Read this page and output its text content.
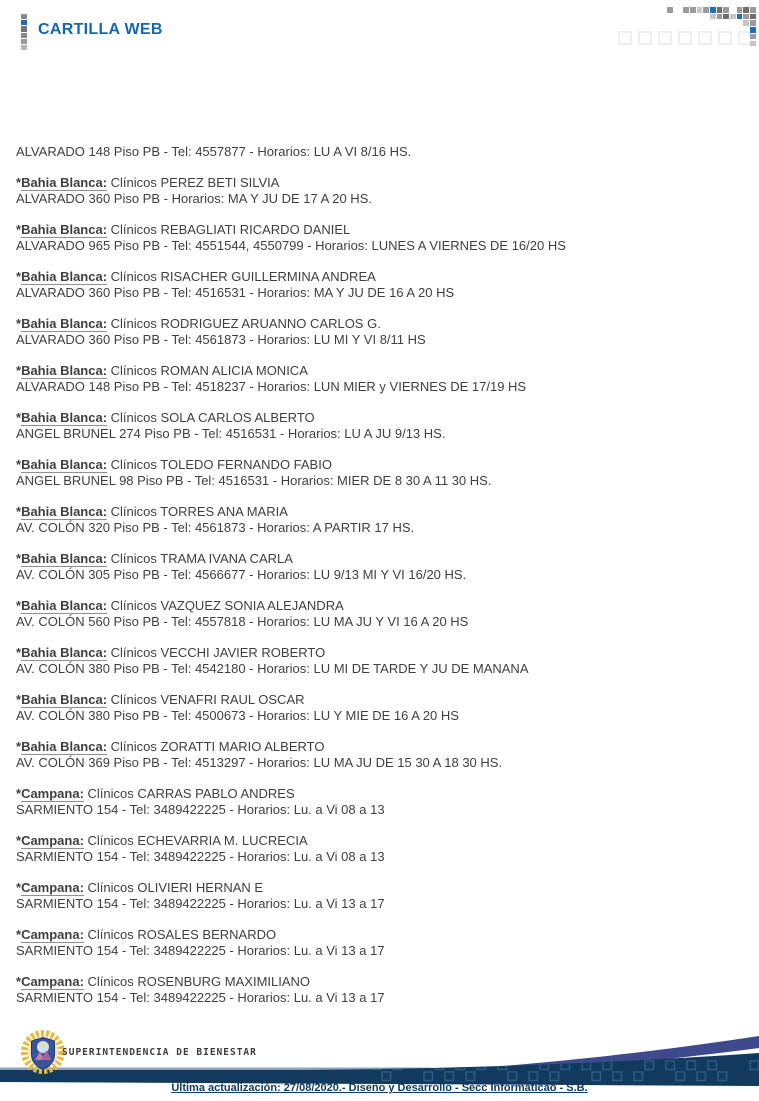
CARTILLA WEB
ALVARADO 148 Piso PB - Tel: 4557877 - Horarios: LU A VI 8/16 HS.
*Bahia Blanca: Clínicos PEREZ BETI SILVIA
ALVARADO 360 Piso PB - Horarios: MA Y JU DE 17 A 20 HS.
*Bahia Blanca: Clínicos REBAGLIATI RICARDO DANIEL
ALVARADO 965 Piso PB - Tel: 4551544, 4550799 - Horarios: LUNES A VIERNES DE 16/20 HS
*Bahia Blanca: Clínicos RISACHER GUILLERMINA ANDREA
ALVARADO 360 Piso PB - Tel: 4516531 - Horarios: MA Y JU DE 16 A 20 HS
*Bahia Blanca: Clínicos RODRIGUEZ ARUANNO CARLOS G.
ALVARADO 360 Piso PB - Tel: 4561873 - Horarios: LU MI Y VI 8/11 HS
*Bahia Blanca: Clínicos ROMAN ALICIA MONICA
ALVARADO 148 Piso PB - Tel: 4518237 - Horarios: LUN MIER y VIERNES DE 17/19 HS
*Bahia Blanca: Clínicos SOLA CARLOS ALBERTO
ANGEL BRUNEL 274 Piso PB - Tel: 4516531 - Horarios: LU A JU 9/13 HS.
*Bahia Blanca: Clínicos TOLEDO FERNANDO FABIO
ANGEL BRUNEL 98 Piso PB - Tel: 4516531 - Horarios: MIER DE 8 30 A 11 30 HS.
*Bahia Blanca: Clínicos TORRES ANA MARIA
AV. COLÓN 320 Piso PB - Tel: 4561873 - Horarios: A PARTIR 17 HS.
*Bahia Blanca: Clínicos TRAMA IVANA CARLA
AV. COLÓN 305 Piso PB - Tel: 4566677 - Horarios: LU 9/13 MI Y VI 16/20 HS.
*Bahia Blanca: Clínicos VAZQUEZ SONIA ALEJANDRA
AV. COLÓN 560 Piso PB - Tel: 4557818 - Horarios: LU MA JU Y VI 16 A 20 HS
*Bahia Blanca: Clínicos VECCHI JAVIER ROBERTO
AV. COLÓN 380 Piso PB - Tel: 4542180 - Horarios: LU MI DE TARDE Y JU DE MANANA
*Bahia Blanca: Clínicos VENAFRI RAUL OSCAR
AV. COLÓN 380 Piso PB - Tel: 4500673 - Horarios: LU Y MIE DE 16 A 20 HS
*Bahia Blanca: Clínicos ZORATTI MARIO ALBERTO
AV. COLÓN 369 Piso PB - Tel: 4513297 - Horarios: LU MA JU DE 15 30 A 18 30 HS.
*Campana: Clínicos CARRAS PABLO ANDRES
SARMIENTO 154 - Tel: 3489422225 - Horarios: Lu. a Vi 08 a 13
*Campana: Clínicos ECHEVARRIA M. LUCRECIA
SARMIENTO 154 - Tel: 3489422225 - Horarios: Lu. a Vi 08 a 13
*Campana: Clínicos OLIVIERI HERNAN E
SARMIENTO 154 - Tel: 3489422225 - Horarios: Lu. a Vi 13 a 17
*Campana: Clínicos ROSALES BERNARDO
SARMIENTO 154 - Tel: 3489422225 - Horarios: Lu. a Vi 13 a 17
*Campana: Clínicos ROSENBURG MAXIMILIANO
SARMIENTO 154 - Tel: 3489422225 - Horarios: Lu. a Vi 13 a 17
SUPERINTENDENCIA DE BIENESTAR
Última actualización: 27/08/2020.- Diseño y Desarrollo - Secc Informáticao - S.B.
